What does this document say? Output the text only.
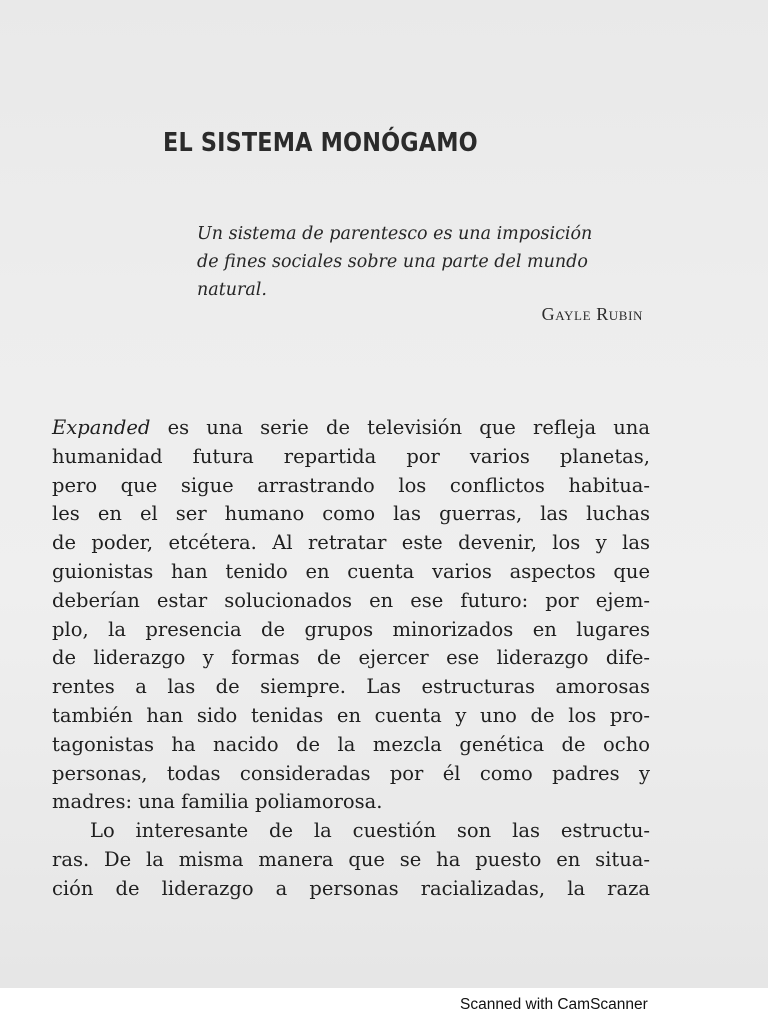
EL SISTEMA MONÓGAMO
Un sistema de parentesco es una imposición
de fines sociales sobre una parte del mundo
natural.
Gayle Rubin
Expanded es una serie de televisión que refleja una
humanidad futura repartida por varios planetas,
pero que sigue arrastrando los conflictos habitua-
les en el ser humano como las guerras, las luchas
de poder, etcétera. Al retratar este devenir, los y las
guionistas han tenido en cuenta varios aspectos que
deberían estar solucionados en ese futuro: por ejem-
plo, la presencia de grupos minorizados en lugares
de liderazgo y formas de ejercer ese liderazgo dife-
rentes a las de siempre. Las estructuras amorosas
también han sido tenidas en cuenta y uno de los pro-
tagonistas ha nacido de la mezcla genética de ocho
personas, todas consideradas por él como padres y
madres: una familia poliamorosa.
Lo interesante de la cuestión son las estructu-
ras. De la misma manera que se ha puesto en situa-
ción de liderazgo a personas racializadas, la raza
Scanned with CamScanner
